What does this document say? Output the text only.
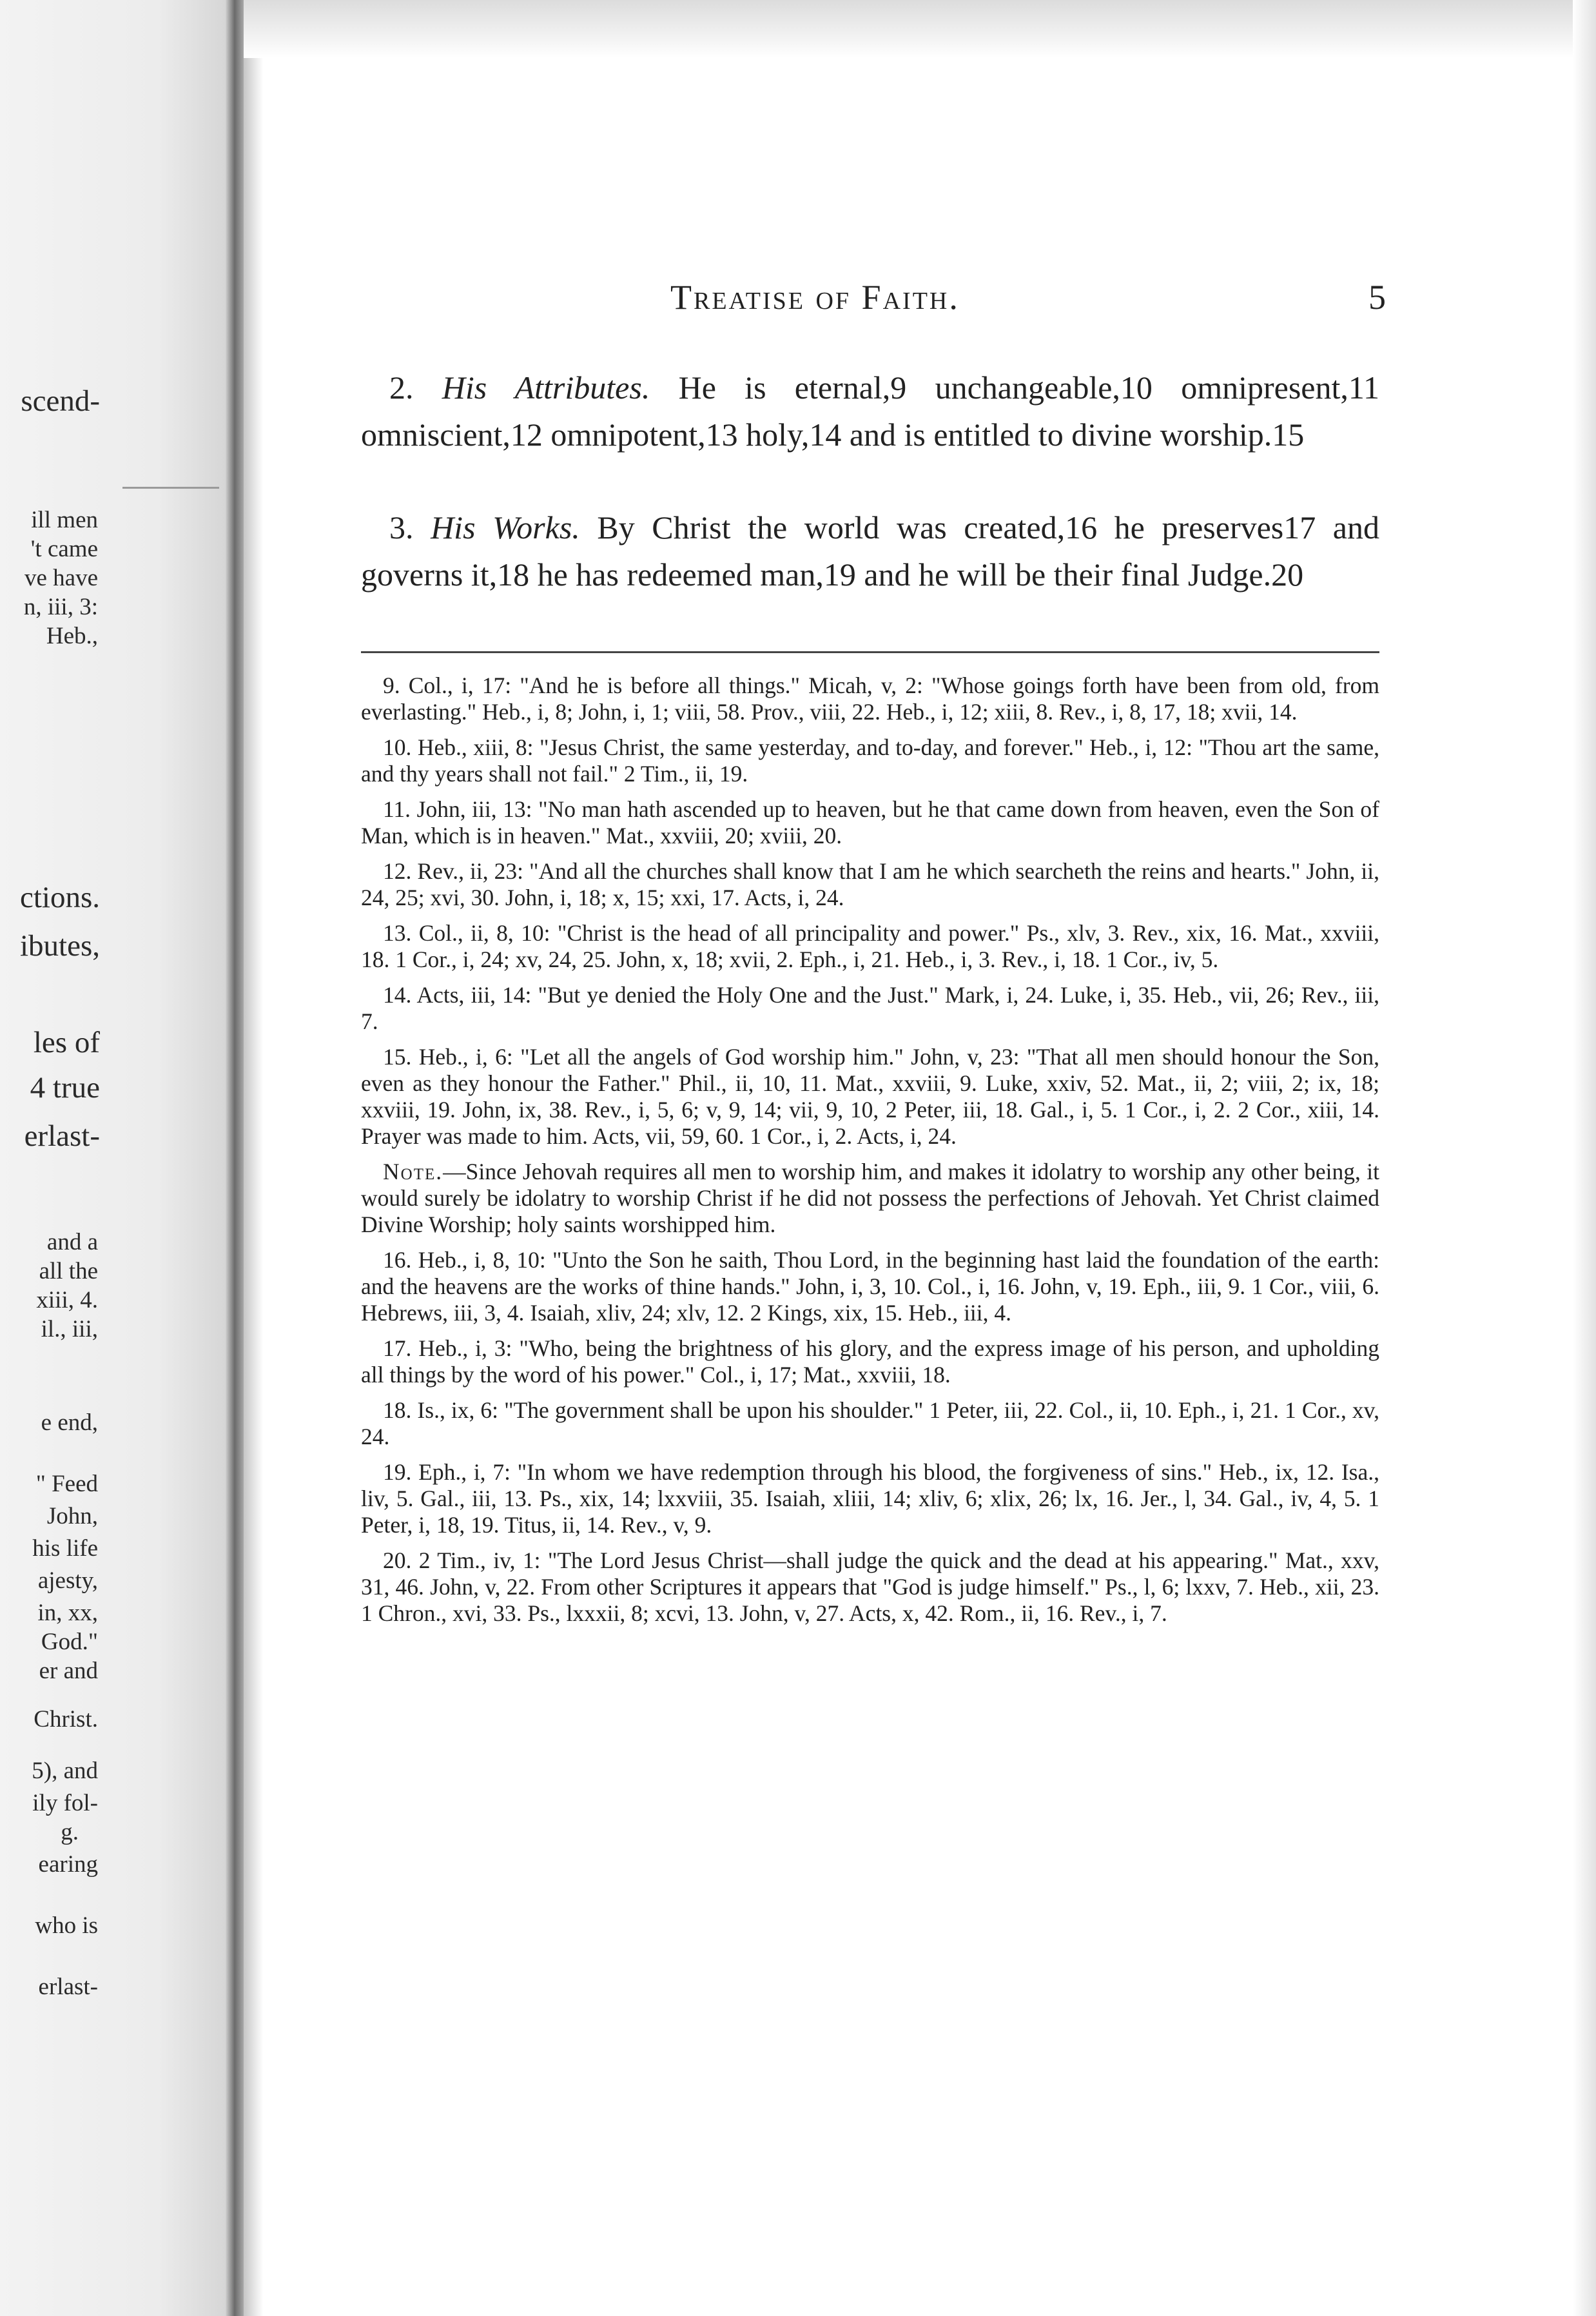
scend-
ill men
't came
ve have
n, iii, 3:
Heb.,
ctions.
ibutes,
les of
4 true
erlast-
and a
all the
xiii, 4.
il., iii,
e end,
" Feed
John,
his life
ajesty,
in, xx,
God."
er and
Christ.
5), and
ily fol-
g.
earing
who is
erlast-
Treatise of Faith.	5
2. His Attributes. He is eternal,9 unchangeable,10 omnipresent,11 omniscient,12 omnipotent,13 holy,14 and is entitled to divine worship.15
3. His Works. By Christ the world was created,16 he preserves17 and governs it,18 he has redeemed man,19 and he will be their final Judge.20

9. Col., i, 17: "And he is before all things." Micah, v, 2: "Whose goings forth have been from old, from everlasting." Heb., i, 8; John, i, 1; viii, 58. Prov., viii, 22. Heb., i, 12; xiii, 8. Rev., i, 8, 17, 18; xvii, 14.

10. Heb., xiii, 8: "Jesus Christ, the same yesterday, and to-day, and forever." Heb., i, 12: "Thou art the same, and thy years shall not fail." 2 Tim., ii, 19.

11. John, iii, 13: "No man hath ascended up to heaven, but he that came down from heaven, even the Son of Man, which is in heaven." Mat., xxviii, 20; xviii, 20.

12. Rev., ii, 23: "And all the churches shall know that I am he which searcheth the reins and hearts." John, ii, 24, 25; xvi, 30. John, i, 18; x, 15; xxi, 17. Acts, i, 24.

13. Col., ii, 8, 10: "Christ is the head of all principality and power." Ps., xlv, 3. Rev., xix, 16. Mat., xxviii, 18. 1 Cor., i, 24; xv, 24, 25. John, x, 18; xvii, 2. Eph., i, 21. Heb., i, 3. Rev., i, 18. 1 Cor., iv, 5.

14. Acts, iii, 14: "But ye denied the Holy One and the Just." Mark, i, 24. Luke, i, 35. Heb., vii, 26; Rev., iii, 7.

15. Heb., i, 6: "Let all the angels of God worship him." John, v, 23: "That all men should honour the Son, even as they honour the Father." Phil., ii, 10, 11. Mat., xxviii, 9. Luke, xxiv, 52. Mat., ii, 2; viii, 2; ix, 18; xxviii, 19. John, ix, 38. Rev., i, 5, 6; v, 9, 14; vii, 9, 10, 2 Peter, iii, 18. Gal., i, 5. 1 Cor., i, 2. 2 Cor., xiii, 14. Prayer was made to him. Acts, vii, 59, 60. 1 Cor., i, 2. Acts, i, 24.

Note.—Since Jehovah requires all men to worship him, and makes it idolatry to worship any other being, it would surely be idolatry to worship Christ if he did not possess the perfections of Jehovah. Yet Christ claimed Divine Worship; holy saints worshipped him.

16. Heb., i, 8, 10: "Unto the Son he saith, Thou Lord, in the beginning hast laid the foundation of the earth: and the heavens are the works of thine hands." John, i, 3, 10. Col., i, 16. John, v, 19. Eph., iii, 9. 1 Cor., viii, 6. Hebrews, iii, 3, 4. Isaiah, xliv, 24; xlv, 12. 2 Kings, xix, 15. Heb., iii, 4.

17. Heb., i, 3: "Who, being the brightness of his glory, and the express image of his person, and upholding all things by the word of his power." Col., i, 17; Mat., xxviii, 18.

18. Is., ix, 6: "The government shall be upon his shoulder." 1 Peter, iii, 22. Col., ii, 10. Eph., i, 21. 1 Cor., xv, 24.

19. Eph., i, 7: "In whom we have redemption through his blood, the forgiveness of sins." Heb., ix, 12. Isa., liv, 5. Gal., iii, 13. Ps., xix, 14; lxxviii, 35. Isaiah, xliii, 14; xliv, 6; xlix, 26; lx, 16. Jer., l, 34. Gal., iv, 4, 5. 1 Peter, i, 18, 19. Titus, ii, 14. Rev., v, 9.

20. 2 Tim., iv, 1: "The Lord Jesus Christ—shall judge the quick and the dead at his appearing." Mat., xxv, 31, 46. John, v, 22. From other Scriptures it appears that "God is judge himself." Ps., l, 6; lxxv, 7. Heb., xii, 23. 1 Chron., xvi, 33. Ps., lxxxii, 8; xcvi, 13. John, v, 27. Acts, x, 42. Rom., ii, 16. Rev., i, 7.
